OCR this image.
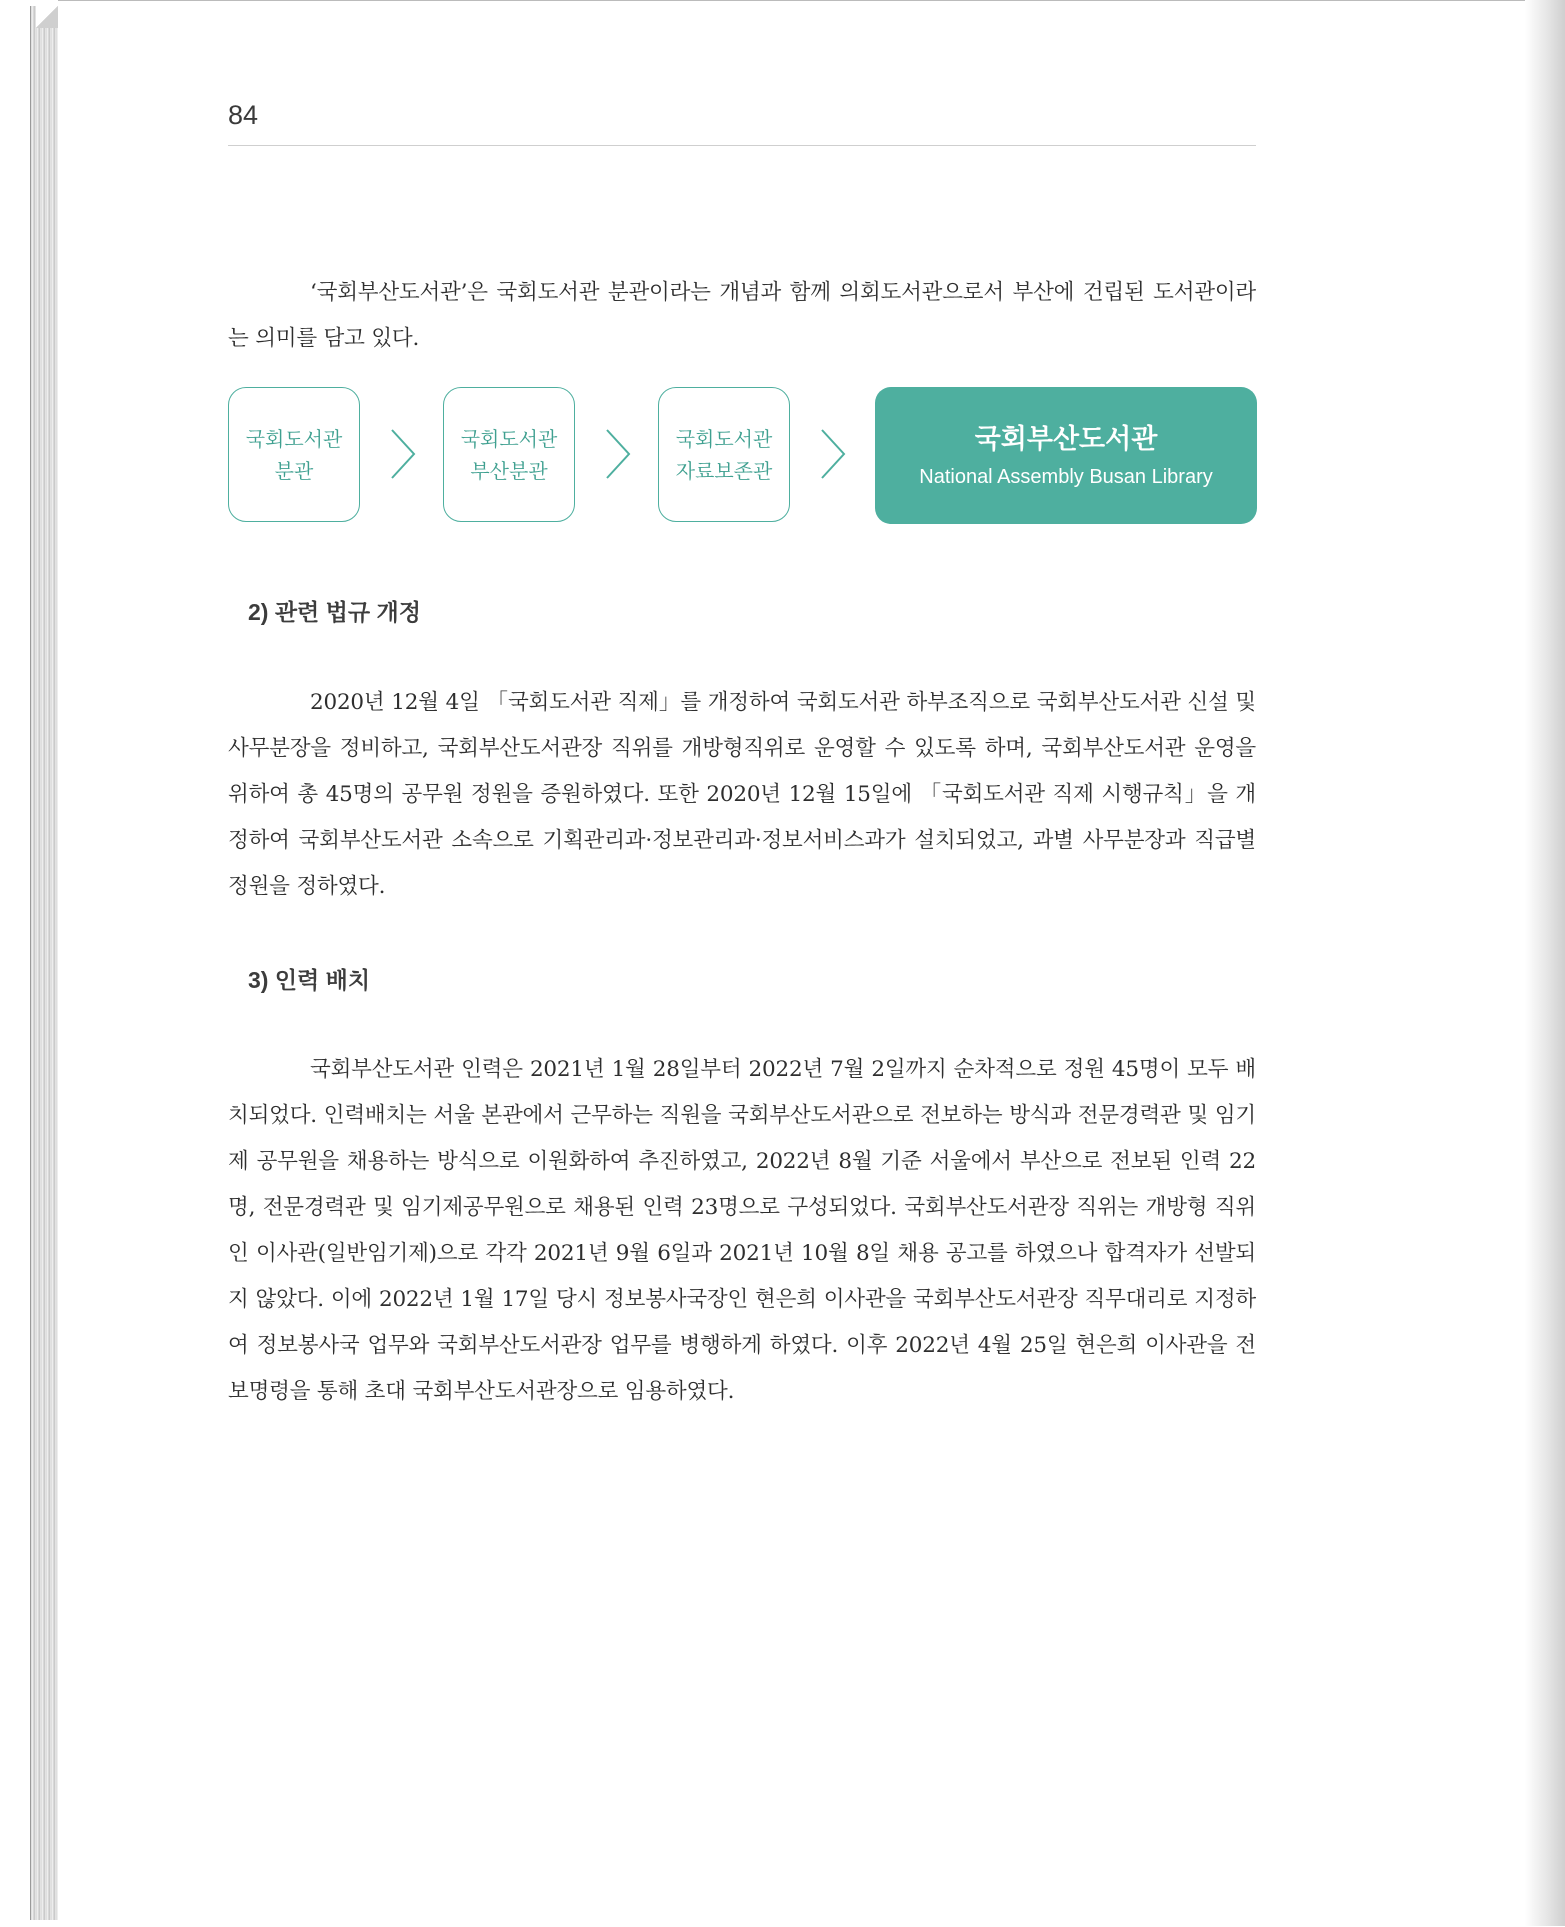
84

‘국회부산도서관’은 국회도서관 분관이라는 개념과 함께 의회도서관으로서 부산에 건립된 도서관이라는 의미를 담고 있다.

국회도서관
분관
국회도서관
부산분관
국회도서관
자료보존관
국회부산도서관
National Assembly Busan Library
2) 관련 법규 개정

2020년 12월 4일 「국회도서관 직제」를 개정하여 국회도서관 하부조직으로 국회부산도서관 신설 및 사무분장을 정비하고, 국회부산도서관장 직위를 개방형직위로 운영할 수 있도록 하며, 국회부산도서관 운영을 위하여 총 45명의 공무원 정원을 증원하였다. 또한 2020년 12월 15일에 「국회도서관 직제 시행규칙」을 개정하여 국회부산도서관 소속으로 기획관리과·정보관리과·정보서비스과가 설치되었고, 과별 사무분장과 직급별 정원을 정하였다.

3) 인력 배치

국회부산도서관 인력은 2021년 1월 28일부터 2022년 7월 2일까지 순차적으로 정원 45명이 모두 배치되었다. 인력배치는 서울 본관에서 근무하는 직원을 국회부산도서관으로 전보하는 방식과 전문경력관 및 임기제 공무원을 채용하는 방식으로 이원화하여 추진하였고, 2022년 8월 기준 서울에서 부산으로 전보된 인력 22명, 전문경력관 및 임기제공무원으로 채용된 인력 23명으로 구성되었다. 국회부산도서관장 직위는 개방형 직위인 이사관(일반임기제)으로 각각 2021년 9월 6일과 2021년 10월 8일 채용 공고를 하였으나 합격자가 선발되지 않았다. 이에 2022년 1월 17일 당시 정보봉사국장인 현은희 이사관을 국회부산도서관장 직무대리로 지정하여 정보봉사국 업무와 국회부산도서관장 업무를 병행하게 하였다. 이후 2022년 4월 25일 현은희 이사관을 전보명령을 통해 초대 국회부산도서관장으로 임용하였다.
